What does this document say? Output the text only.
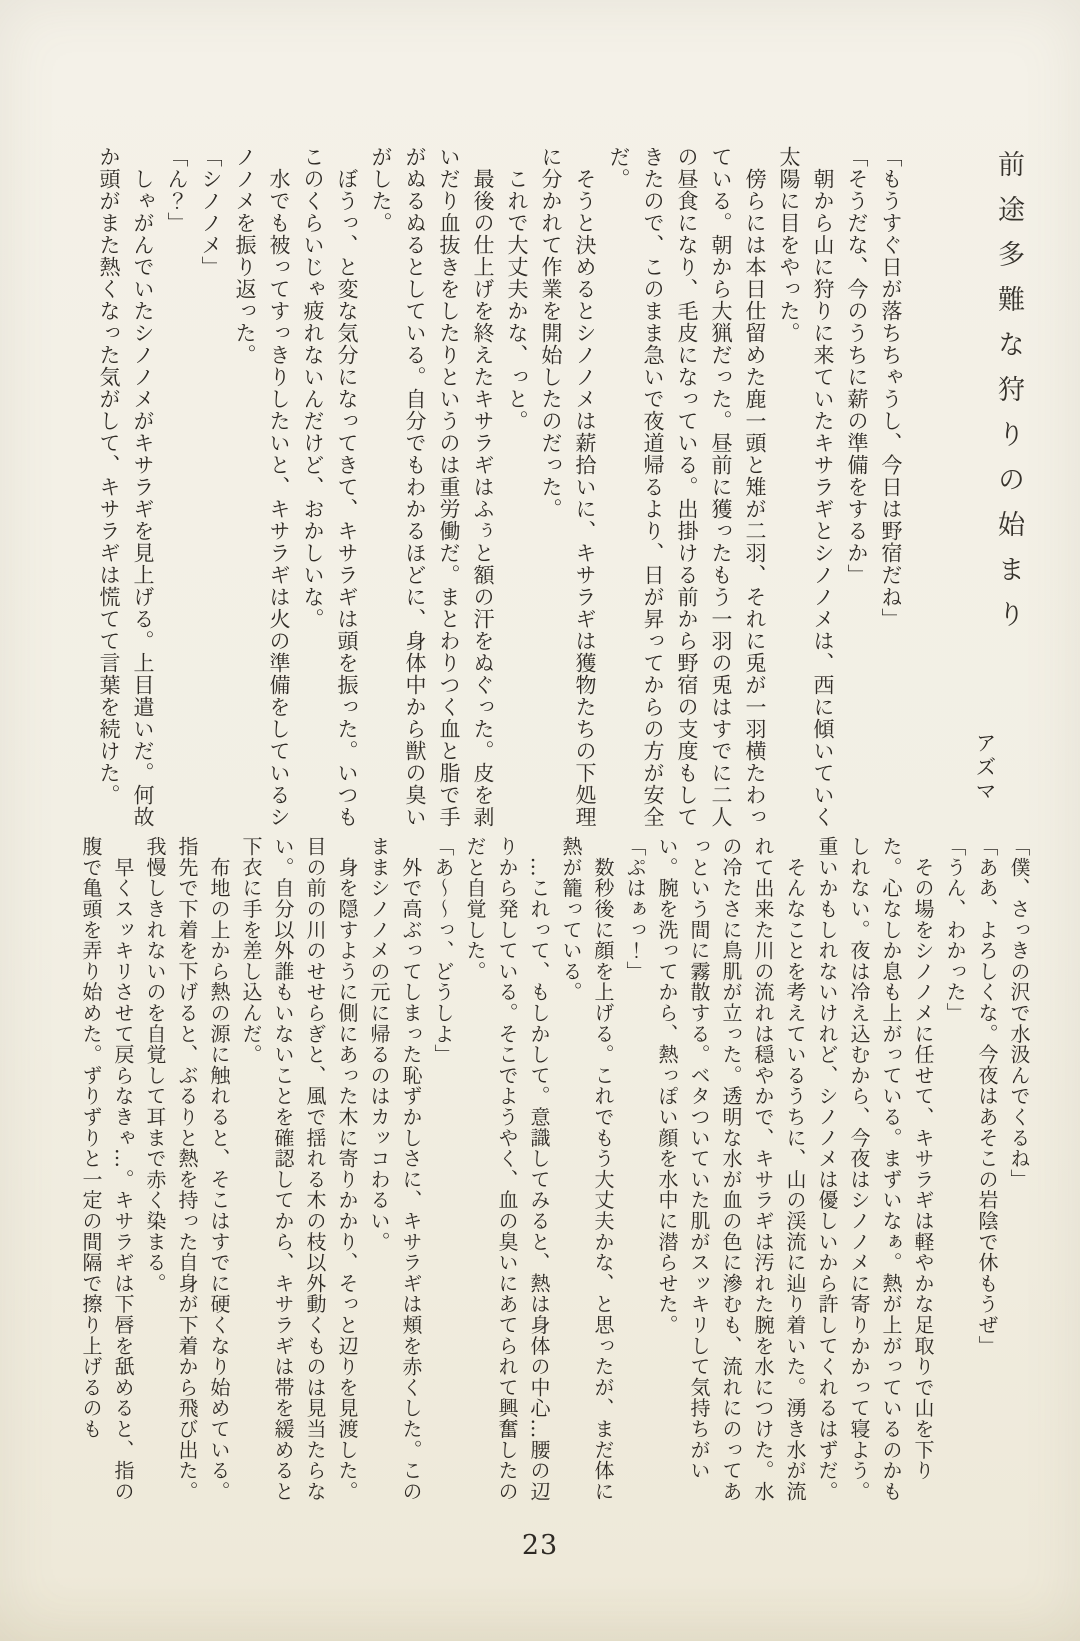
前途多難な狩りの始まり
アズマ

「もうすぐ日が落ちちゃうし、今日は野宿だね」

「そうだな、今のうちに薪の準備をするか」

　朝から山に狩りに来ていたキサラギとシノノメは、西に傾いていく太陽に目をやった。

　傍らには本日仕留めた鹿一頭と雉が二羽、それに兎が一羽横たわっている。朝から大猟だった。昼前に獲ったもう一羽の兎はすでに二人の昼食になり、毛皮になっている。出掛ける前から野宿の支度もしてきたので、このまま急いで夜道帰るより、日が昇ってからの方が安全だ。

　そうと決めるとシノノメは薪拾いに、キサラギは獲物たちの下処理に分かれて作業を開始したのだった。

　これで大丈夫かな、っと。

　最後の仕上げを終えたキサラギはふぅと額の汗をぬぐった。皮を剥いだり血抜きをしたりというのは重労働だ。まとわりつく血と脂で手がぬるぬるとしている。自分でもわかるほどに、身体中から獣の臭いがした。

　ぼうっ、と変な気分になってきて、キサラギは頭を振った。いつもこのくらいじゃ疲れないんだけど、おかしいな。

　水でも被ってすっきりしたいと、キサラギは火の準備をしているシノノメを振り返った。

「シノノメ」

「ん？」

　しゃがんでいたシノノメがキサラギを見上げる。上目遣いだ。何故か頭がまた熱くなった気がして、キサラギは慌てて言葉を続けた。

「僕、さっきの沢で水汲んでくるね」

「ああ、よろしくな。今夜はあそこの岩陰で休もうぜ」

「うん、わかった」

　その場をシノノメに任せて、キサラギは軽やかな足取りで山を下りた。心なしか息も上がっている。まずいなぁ。熱が上がっているのかもしれない。夜は冷え込むから、今夜はシノノメに寄りかかって寝よう。重いかもしれないけれど、シノノメは優しいから許してくれるはずだ。

　そんなことを考えているうちに、山の渓流に辿り着いた。湧き水が流れて出来た川の流れは穏やかで、キサラギは汚れた腕を水につけた。水の冷たさに鳥肌が立った。透明な水が血の色に滲むも、流れにのってあっという間に霧散する。ベタついていた肌がスッキリして気持ちがいい。腕を洗ってから、熱っぽい顔を水中に潜らせた。

「ぷはぁっ！」

　数秒後に顔を上げる。これでもう大丈夫かな、と思ったが、まだ体に熱が籠っている。

　…これって、もしかして。意識してみると、熱は身体の中心…腰の辺りから発している。そこでようやく、血の臭いにあてられて興奮したのだと自覚した。

「あ～～っ、どうしよ」

　外で高ぶってしまった恥ずかしさに、キサラギは頬を赤くした。このままシノノメの元に帰るのはカッコわるい。

　身を隠すように側にあった木に寄りかかり、そっと辺りを見渡した。目の前の川のせせらぎと、風で揺れる木の枝以外動くものは見当たらない。自分以外誰もいないことを確認してから、キサラギは帯を緩めると下衣に手を差し込んだ。

　布地の上から熱の源に触れると、そこはすでに硬くなり始めている。指先で下着を下げると、ぶるりと熱を持った自身が下着から飛び出た。我慢しきれないのを自覚して耳まで赤く染まる。

　早くスッキリさせて戻らなきゃ…。キサラギは下唇を舐めると、指の腹で亀頭を弄り始めた。ずりずりと一定の間隔で擦り上げるのも

23
